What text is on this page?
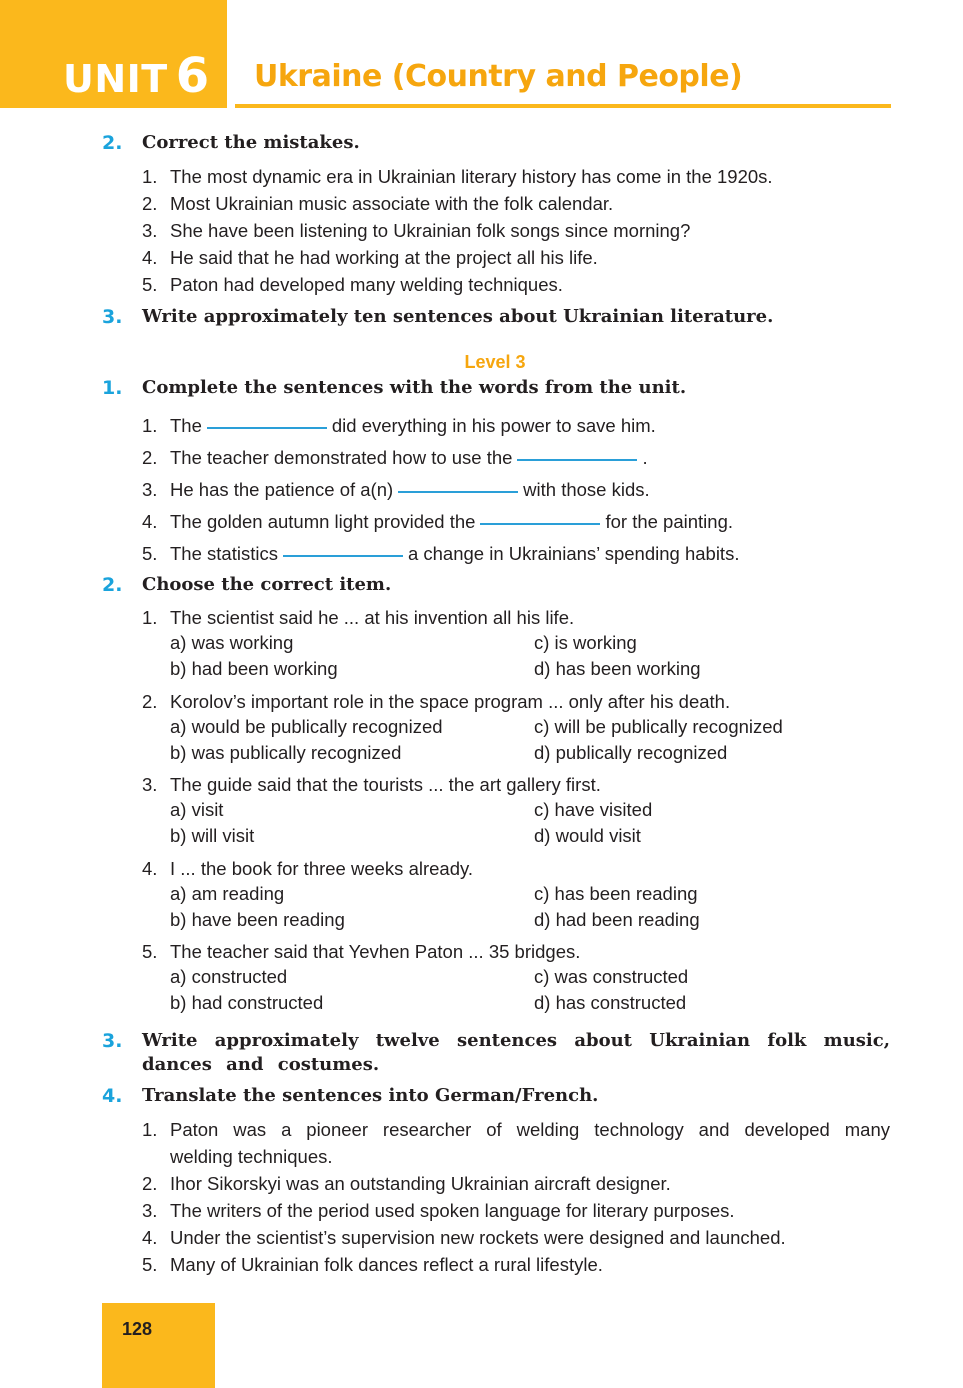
UNIT 6 Ukraine (Country and People)
2. Correct the mistakes.
1. The most dynamic era in Ukrainian literary history has come in the 1920s.
2. Most Ukrainian music associate with the folk calendar.
3. She have been listening to Ukrainian folk songs since morning?
4. He said that he had working at the project all his life.
5. Paton had developed many welding techniques.
3. Write approximately ten sentences about Ukrainian literature.
Level 3
1. Complete the sentences with the words from the unit.
1. The	did everything in his power to save him.
2. The teacher demonstrated how to use the	.
3. He has the patience of a(n)	with those kids.
4. The golden autumn light provided the	for the painting.
5. The statistics	a change in Ukrainians’ spending habits.
2. Choose the correct item.
1. The scientist said he ... at his invention all his life.
a) was working
b) had been working
c) is working
d) has been working
2. Korolov’s important role in the space program ... only after his death.
a) would be publically recognized
b) was publically recognized
c) will be publically recognized
d) publically recognized
3. The guide said that the tourists ... the art gallery first.
a) visit
b) will visit
c) have visited
d) would visit
4. I ... the book for three weeks already.
a) am reading
b) have been reading
c) has been reading
d) had been reading
5. The teacher said that Yevhen Paton ... 35 bridges.
a) constructed
b) had constructed
c) was constructed
d) has constructed
3. Write approximately twelve sentences about Ukrainian folk music, dances and costumes.
4. Translate the sentences into German/French.
1. Paton was a pioneer researcher of welding technology and developed many
welding techniques.
2. Ihor Sikorskyi was an outstanding Ukrainian aircraft designer.
3. The writers of the period used spoken language for literary purposes.
4. Under the scientist’s supervision new rockets were designed and launched.
5. Many of Ukrainian folk dances reflect a rural lifestyle.
128
